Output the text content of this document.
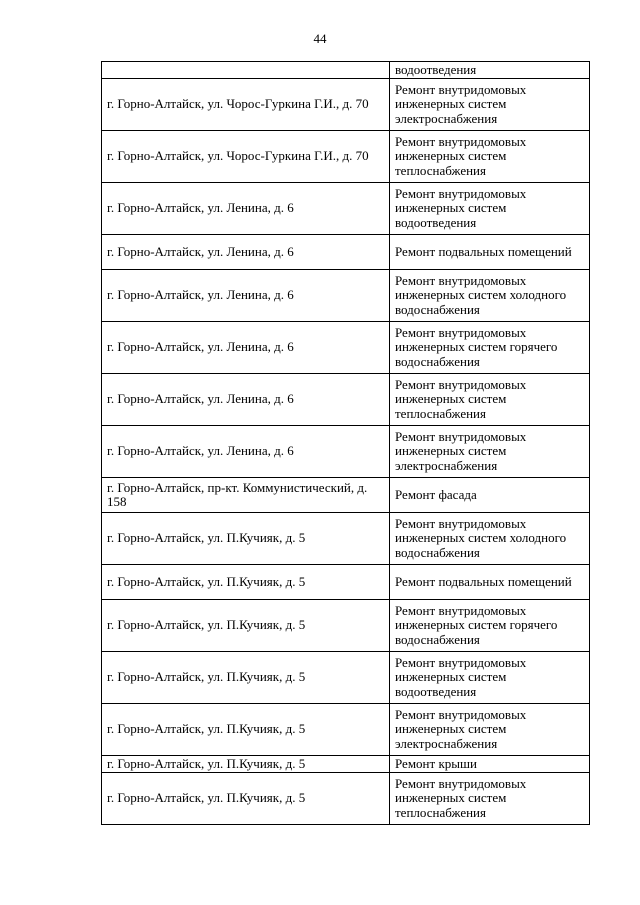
44
	водоотведения
г. Горно-Алтайск, ул. Чорос-Гуркина Г.И., д. 70	Ремонт внутридомовых инженерных систем электроснабжения
г. Горно-Алтайск, ул. Чорос-Гуркина Г.И., д. 70	Ремонт внутридомовых инженерных систем теплоснабжения
г. Горно-Алтайск, ул. Ленина, д. 6	Ремонт внутридомовых инженерных систем водоотведения
г. Горно-Алтайск, ул. Ленина, д. 6	Ремонт подвальных помещений
г. Горно-Алтайск, ул. Ленина, д. 6	Ремонт внутридомовых инженерных систем холодного водоснабжения
г. Горно-Алтайск, ул. Ленина, д. 6	Ремонт внутридомовых инженерных систем горячего водоснабжения
г. Горно-Алтайск, ул. Ленина, д. 6	Ремонт внутридомовых инженерных систем теплоснабжения
г. Горно-Алтайск, ул. Ленина, д. 6	Ремонт внутридомовых инженерных систем электроснабжения
г. Горно-Алтайск, пр-кт. Коммунистический, д. 158	Ремонт фасада
г. Горно-Алтайск, ул. П.Кучияк, д. 5	Ремонт внутридомовых инженерных систем холодного водоснабжения
г. Горно-Алтайск, ул. П.Кучияк, д. 5	Ремонт подвальных помещений
г. Горно-Алтайск, ул. П.Кучияк, д. 5	Ремонт внутридомовых инженерных систем горячего водоснабжения
г. Горно-Алтайск, ул. П.Кучияк, д. 5	Ремонт внутридомовых инженерных систем водоотведения
г. Горно-Алтайск, ул. П.Кучияк, д. 5	Ремонт внутридомовых инженерных систем электроснабжения
г. Горно-Алтайск, ул. П.Кучияк, д. 5	Ремонт крыши
г. Горно-Алтайск, ул. П.Кучияк, д. 5	Ремонт внутридомовых инженерных систем теплоснабжения
